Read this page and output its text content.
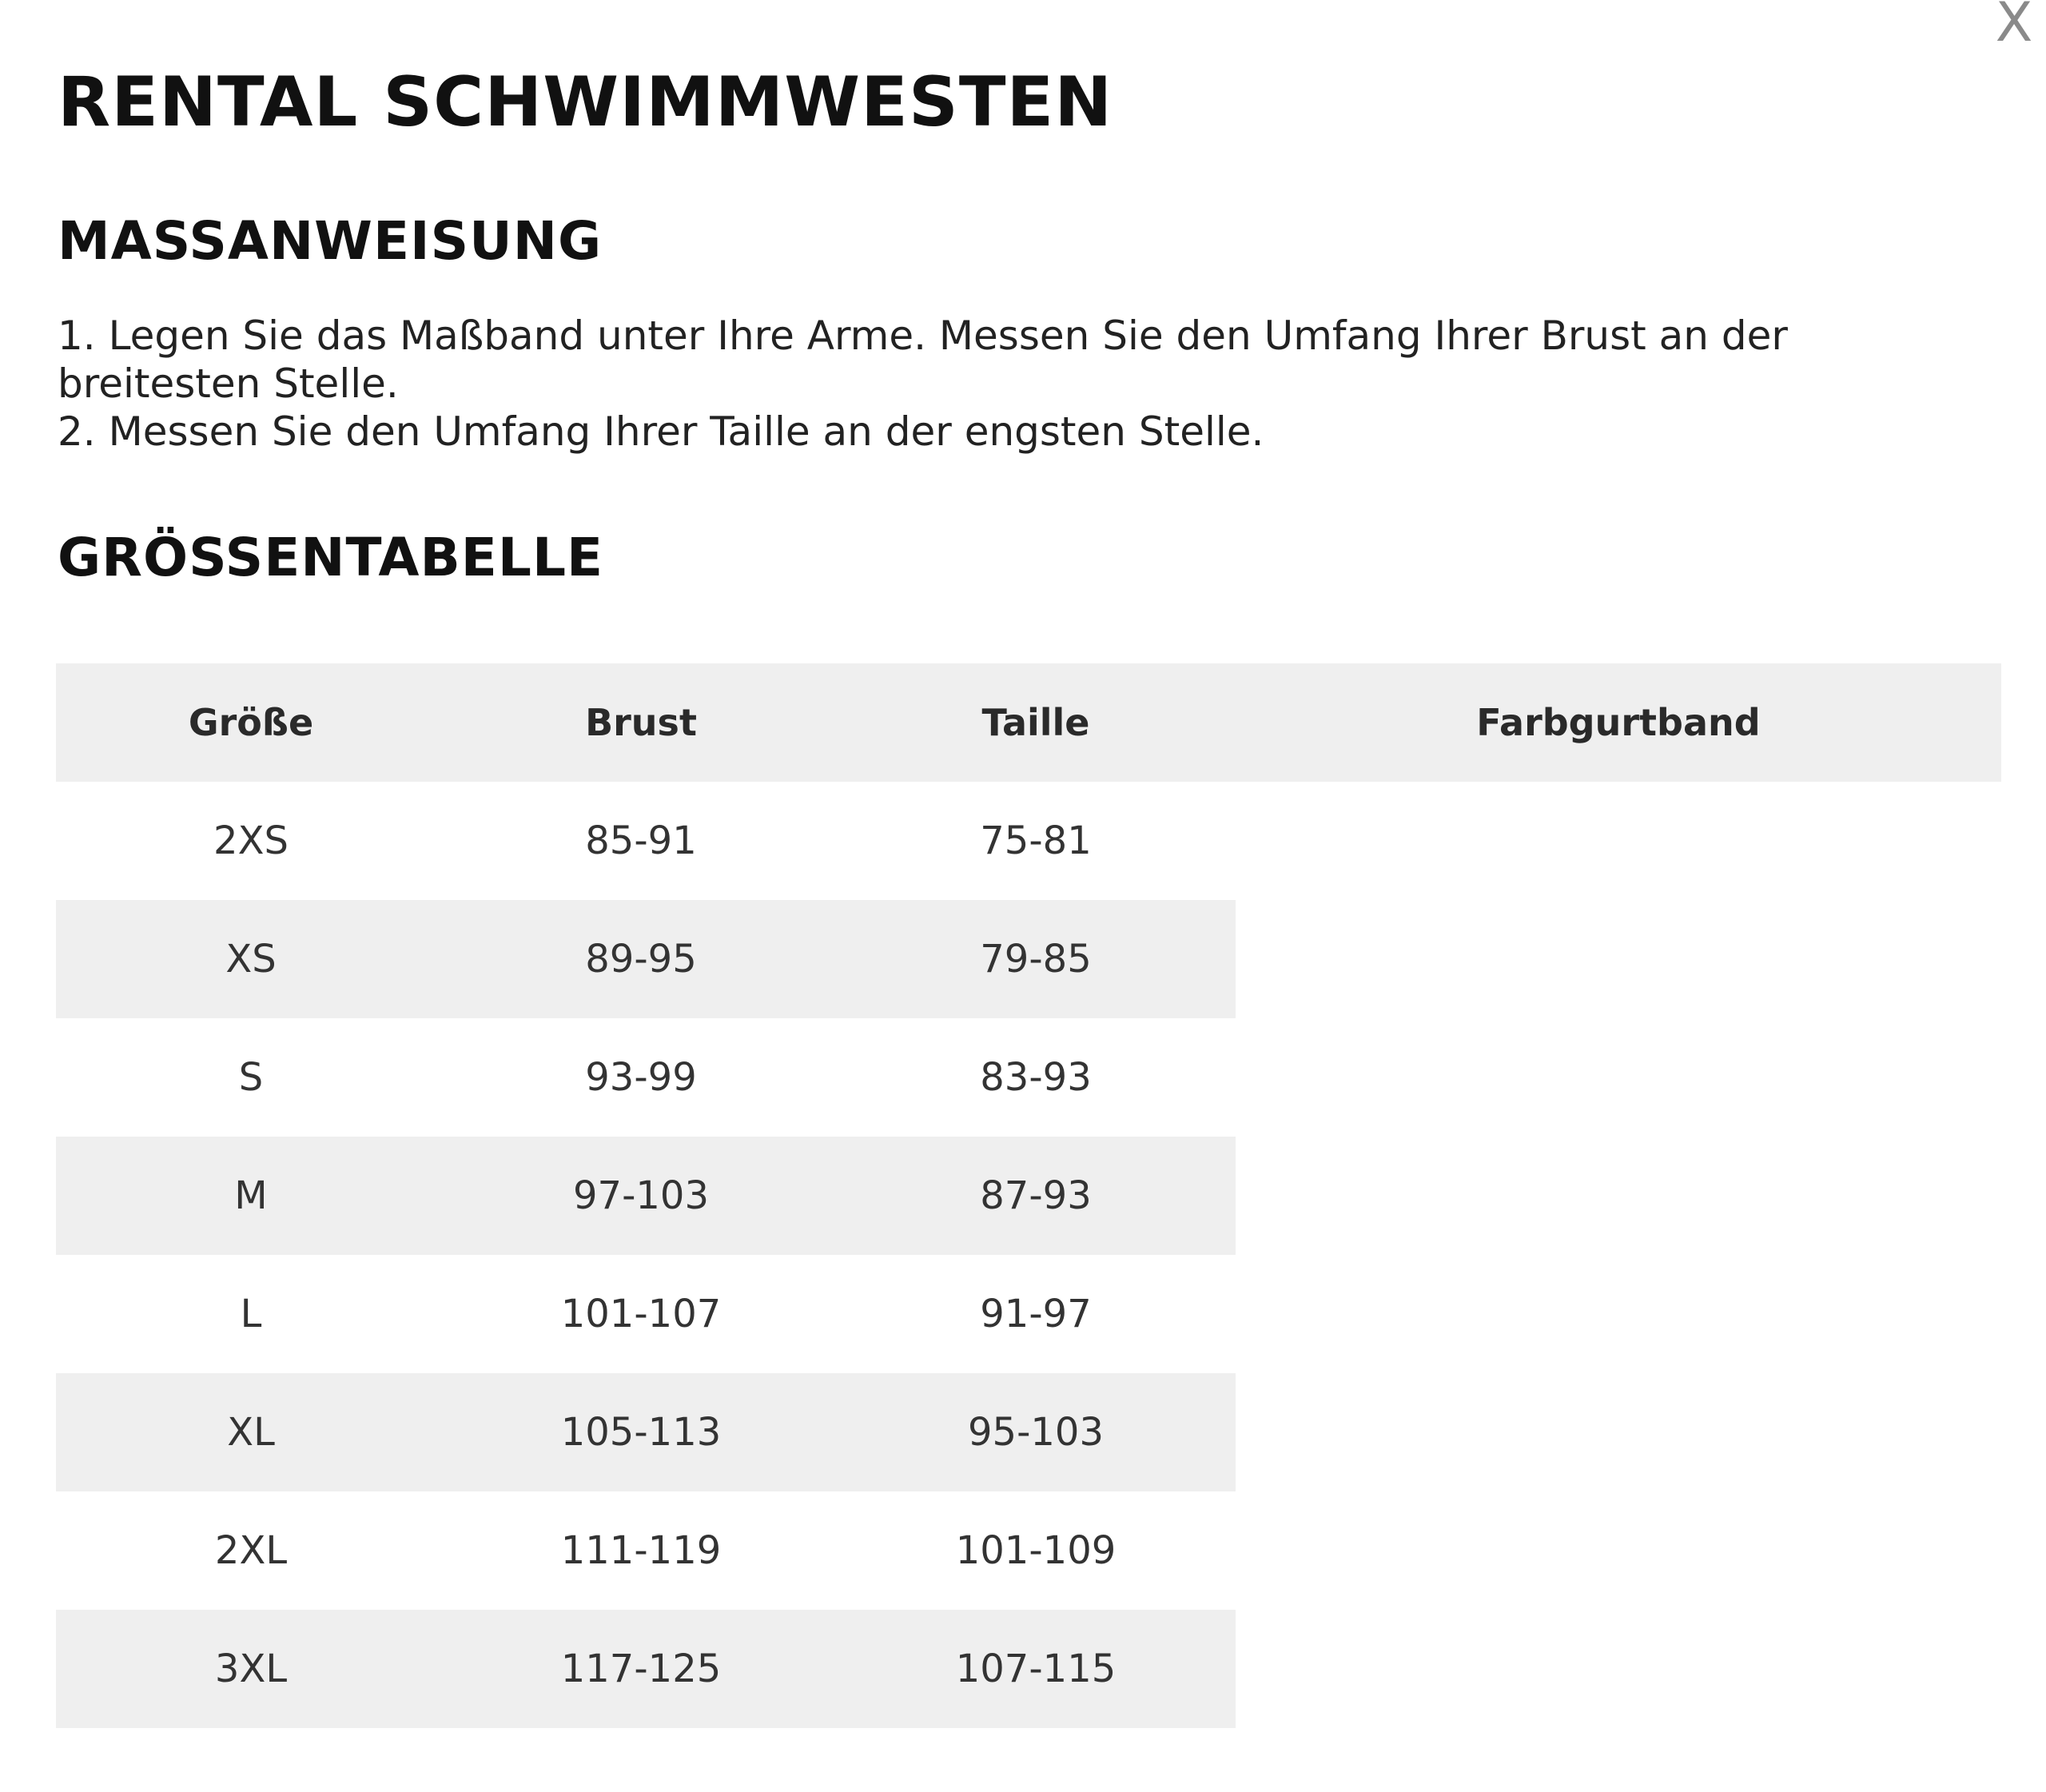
X
RENTAL SCHWIMMWESTEN
MASSANWEISUNG

1. Legen Sie das Maßband unter Ihre Arme. Messen Sie den Umfang Ihrer Brust an der breitesten Stelle.

2. Messen Sie den Umfang Ihrer Taille an der engsten Stelle.

GRÖSSENTABELLE
Größe	Brust	Taille	Farbgurtband
2XS	85-91	75-81	
XS	89-95	79-85	
S	93-99	83-93	
M	97-103	87-93	
L	101-107	91-97	
XL	105-113	95-103	
2XL	111-119	101-109	
3XL	117-125	107-115	
